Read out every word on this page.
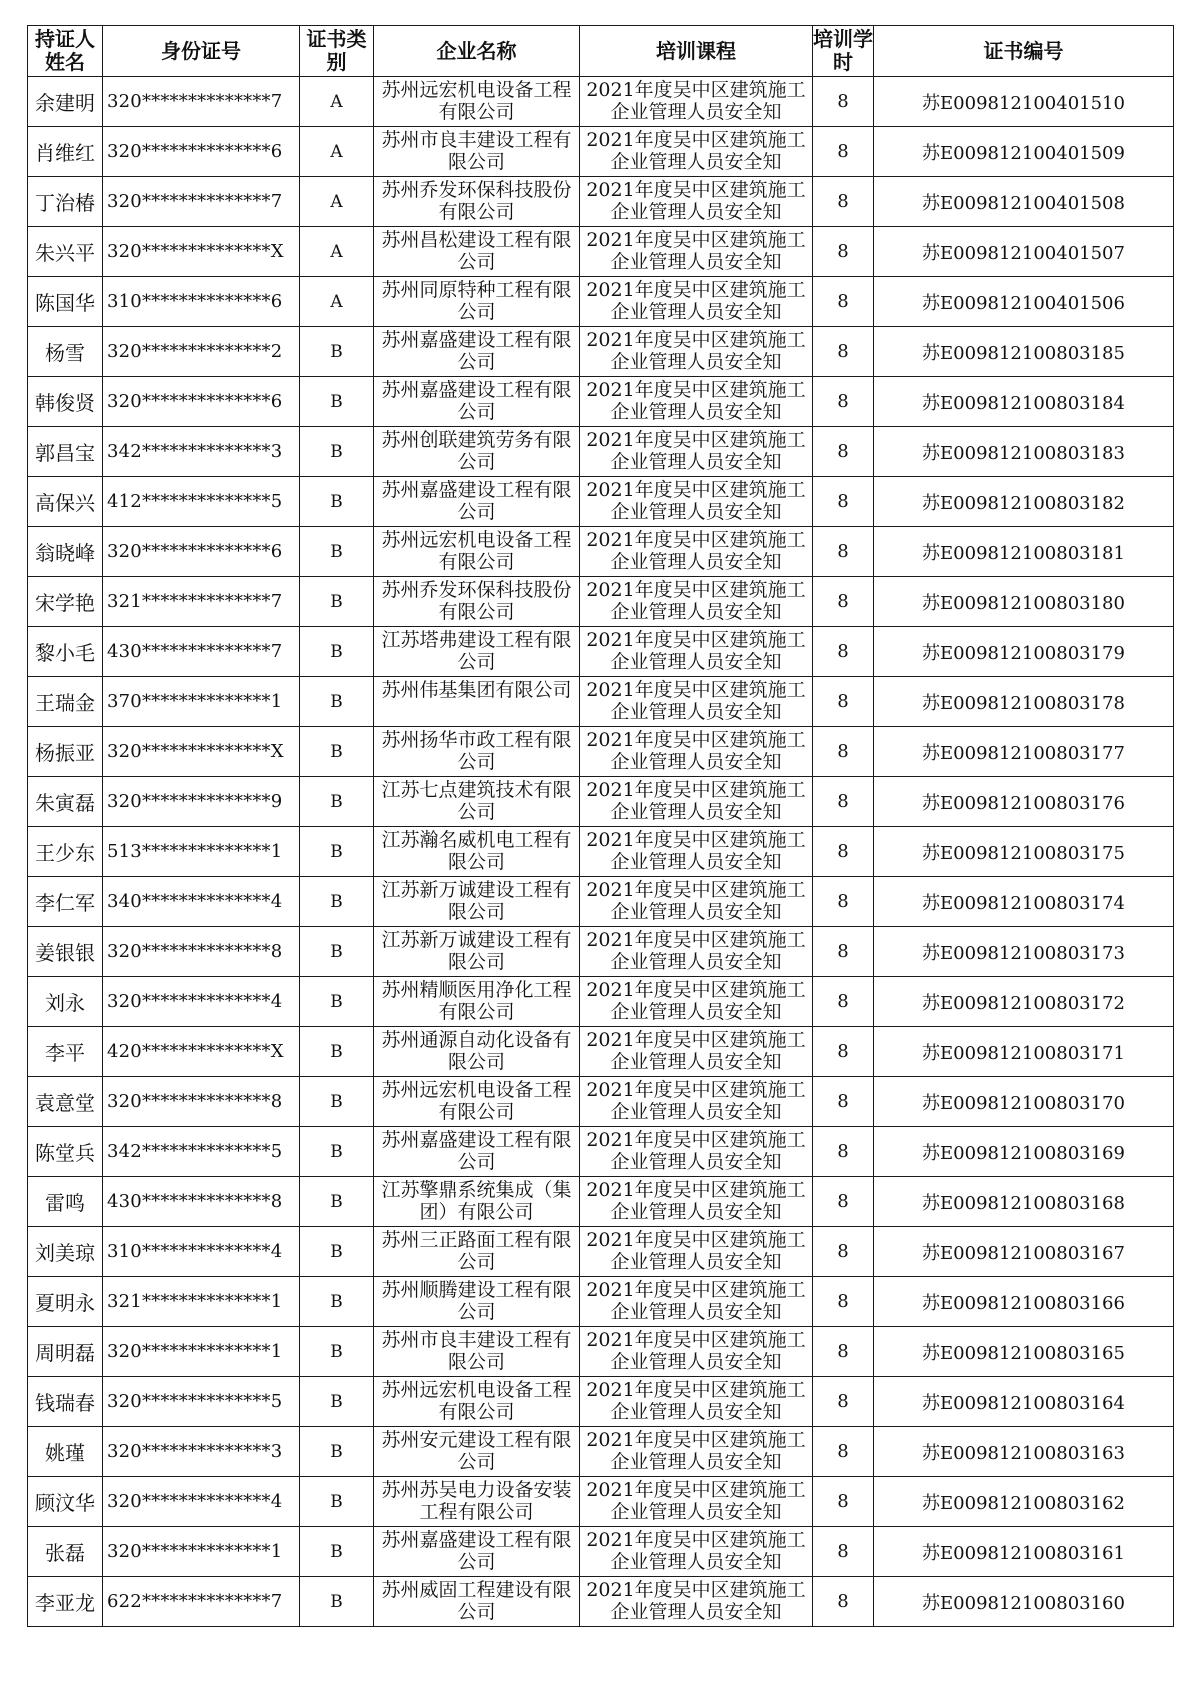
持证人姓名	身份证号	证书类别	企业名称	培训课程	培训学时	证书编号
余建明	320**************7	A	苏州远宏机电设备工程有限公司	2021年度吴中区建筑施工企业管理人员安全知	8	苏E009812100401510
肖维红	320**************6	A	苏州市良丰建设工程有限公司	2021年度吴中区建筑施工企业管理人员安全知	8	苏E009812100401509
丁治椿	320**************7	A	苏州乔发环保科技股份有限公司	2021年度吴中区建筑施工企业管理人员安全知	8	苏E009812100401508
朱兴平	320**************X	A	苏州昌松建设工程有限公司	2021年度吴中区建筑施工企业管理人员安全知	8	苏E009812100401507
陈国华	310**************6	A	苏州同原特种工程有限公司	2021年度吴中区建筑施工企业管理人员安全知	8	苏E009812100401506
杨雪	320**************2	B	苏州嘉盛建设工程有限公司	2021年度吴中区建筑施工企业管理人员安全知	8	苏E009812100803185
韩俊贤	320**************6	B	苏州嘉盛建设工程有限公司	2021年度吴中区建筑施工企业管理人员安全知	8	苏E009812100803184
郭昌宝	342**************3	B	苏州创联建筑劳务有限公司	2021年度吴中区建筑施工企业管理人员安全知	8	苏E009812100803183
高保兴	412**************5	B	苏州嘉盛建设工程有限公司	2021年度吴中区建筑施工企业管理人员安全知	8	苏E009812100803182
翁晓峰	320**************6	B	苏州远宏机电设备工程有限公司	2021年度吴中区建筑施工企业管理人员安全知	8	苏E009812100803181
宋学艳	321**************7	B	苏州乔发环保科技股份有限公司	2021年度吴中区建筑施工企业管理人员安全知	8	苏E009812100803180
黎小毛	430**************7	B	江苏塔弗建设工程有限公司	2021年度吴中区建筑施工企业管理人员安全知	8	苏E009812100803179
王瑞金	370**************1	B	苏州伟基集团有限公司	2021年度吴中区建筑施工企业管理人员安全知	8	苏E009812100803178
杨振亚	320**************X	B	苏州扬华市政工程有限公司	2021年度吴中区建筑施工企业管理人员安全知	8	苏E009812100803177
朱寅磊	320**************9	B	江苏七点建筑技术有限公司	2021年度吴中区建筑施工企业管理人员安全知	8	苏E009812100803176
王少东	513**************1	B	江苏瀚名威机电工程有限公司	2021年度吴中区建筑施工企业管理人员安全知	8	苏E009812100803175
李仁军	340**************4	B	江苏新万诚建设工程有限公司	2021年度吴中区建筑施工企业管理人员安全知	8	苏E009812100803174
姜银银	320**************8	B	江苏新万诚建设工程有限公司	2021年度吴中区建筑施工企业管理人员安全知	8	苏E009812100803173
刘永	320**************4	B	苏州精顺医用净化工程有限公司	2021年度吴中区建筑施工企业管理人员安全知	8	苏E009812100803172
李平	420**************X	B	苏州通源自动化设备有限公司	2021年度吴中区建筑施工企业管理人员安全知	8	苏E009812100803171
袁意堂	320**************8	B	苏州远宏机电设备工程有限公司	2021年度吴中区建筑施工企业管理人员安全知	8	苏E009812100803170
陈堂兵	342**************5	B	苏州嘉盛建设工程有限公司	2021年度吴中区建筑施工企业管理人员安全知	8	苏E009812100803169
雷鸣	430**************8	B	江苏擎鼎系统集成（集团）有限公司	2021年度吴中区建筑施工企业管理人员安全知	8	苏E009812100803168
刘美琼	310**************4	B	苏州三正路面工程有限公司	2021年度吴中区建筑施工企业管理人员安全知	8	苏E009812100803167
夏明永	321**************1	B	苏州顺腾建设工程有限公司	2021年度吴中区建筑施工企业管理人员安全知	8	苏E009812100803166
周明磊	320**************1	B	苏州市良丰建设工程有限公司	2021年度吴中区建筑施工企业管理人员安全知	8	苏E009812100803165
钱瑞春	320**************5	B	苏州远宏机电设备工程有限公司	2021年度吴中区建筑施工企业管理人员安全知	8	苏E009812100803164
姚瑾	320**************3	B	苏州安元建设工程有限公司	2021年度吴中区建筑施工企业管理人员安全知	8	苏E009812100803163
顾汶华	320**************4	B	苏州苏吴电力设备安装工程有限公司	2021年度吴中区建筑施工企业管理人员安全知	8	苏E009812100803162
张磊	320**************1	B	苏州嘉盛建设工程有限公司	2021年度吴中区建筑施工企业管理人员安全知	8	苏E009812100803161
李亚龙	622**************7	B	苏州威固工程建设有限公司	2021年度吴中区建筑施工企业管理人员安全知	8	苏E009812100803160
